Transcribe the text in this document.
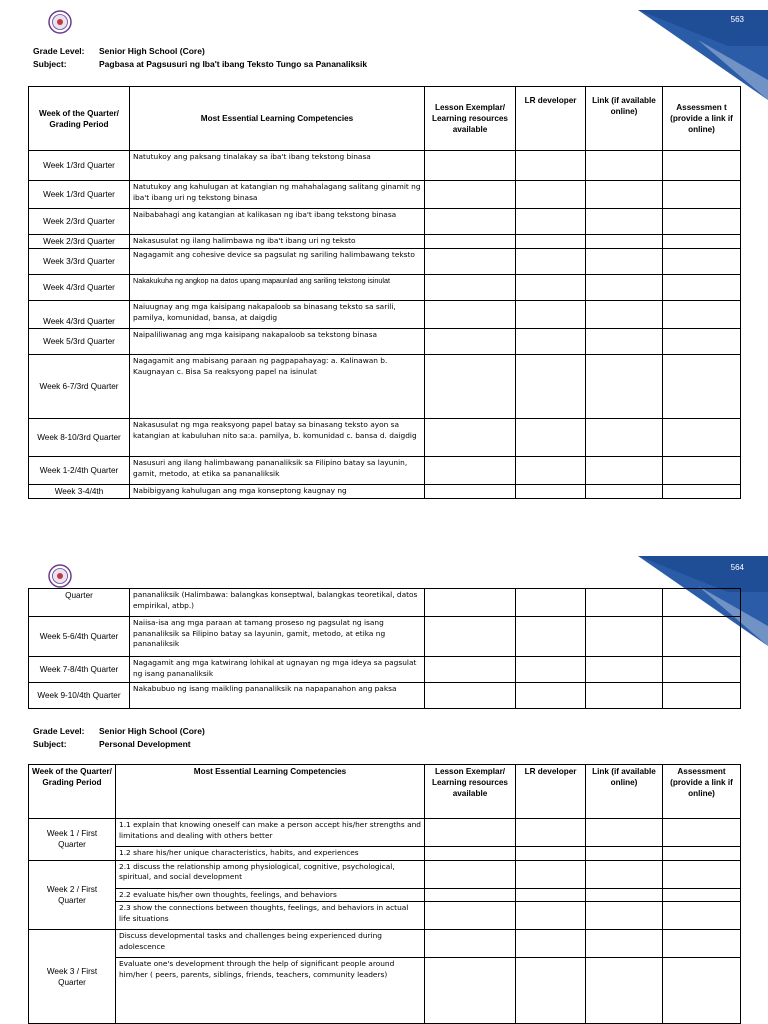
563
Grade Level: Senior High School (Core)
Subject:	Pagbasa at Pagsusuri ng Iba't ibang Teksto Tungo sa Pananaliksik
Week of the Quarter/ Grading Period	Most Essential Learning Competencies	Lesson Exemplar/ Learning resources available	LR developer	Link (if available online)	Assessmen t (provide a link if online)
Week 1/3rd Quarter	Natutukoy ang paksang tinalakay sa iba't ibang tekstong binasa				
Week 1/3rd Quarter	Natutukoy ang kahulugan at katangian ng mahahalagang salitang ginamit ng iba't ibang uri ng tekstong binasa				
Week 2/3rd Quarter	Naibabahagi ang katangian at kalikasan ng iba't ibang tekstong binasa				
Week 2/3rd Quarter	Nakasusulat ng ilang halimbawa ng iba't ibang uri ng teksto				
Week 3/3rd Quarter	Nagagamit ang cohesive device sa pagsulat ng sariling halimbawang teksto				
Week 4/3rd Quarter	Nakakukuha ng angkop na datos upang mapaunlad ang sariling tekstong isinulat				
Week 4/3rd Quarter	Naiuugnay ang mga kaisipang nakapaloob sa binasang teksto sa sarili, pamilya, komunidad, bansa, at daigdig				
Week 5/3rd Quarter	Naipaliliwanag ang mga kaisipang nakapaloob sa tekstong binasa				
Week 6-7/3rd Quarter	Nagagamit ang mabisang paraan ng pagpapahayag: a. Kalinawan b. Kaugnayan c. Bisa Sa reaksyong papel na isinulat				
Week 8-10/3rd Quarter	Nakasusulat ng mga reaksyong papel batay sa binasang teksto ayon sa katangian at kabuluhan nito sa:a. pamilya, b. komunidad c. bansa d. daigdig				
Week 1-2/4th Quarter	Nasusuri ang ilang halimbawang pananaliksik sa Filipino batay sa layunin, gamit, metodo, at etika sa pananaliksik				
Week 3-4/4th	Nabibigyang kahulugan ang mga konseptong kaugnay ng				
564
Quarter	pananaliksik (Halimbawa: balangkas konseptwal, balangkas teoretikal, datos empirikal, atbp.)				
Week 5-6/4th Quarter	Naiisa-isa ang mga paraan at tamang proseso ng pagsulat ng isang pananaliksik sa Filipino batay sa layunin, gamit, metodo, at etika ng pananaliksik				
Week 7-8/4th Quarter	Nagagamit ang mga katwirang lohikal at ugnayan ng mga ideya sa pagsulat ng isang pananaliksik				
Week 9-10/4th Quarter	Nakabubuo ng isang maikling pananaliksik na napapanahon ang paksa				
Grade Level: Senior High School (Core)
Subject:	Personal Development
Week of the Quarter/ Grading Period	Most Essential Learning Competencies	Lesson Exemplar/ Learning resources available	LR developer	Link (if available online)	Assessment (provide a link if online)
Week 1 / First Quarter	1.1 explain that knowing oneself can make a person accept his/her strengths and limitations and dealing with others better				
	1.2 share his/her unique characteristics, habits, and experiences				
Week 2 / First Quarter	2.1 discuss the relationship among physiological, cognitive, psychological, spiritual, and social development				
	2.2 evaluate his/her own thoughts, feelings, and behaviors				
	2.3 show the connections between thoughts, feelings, and behaviors in actual life situations				
Week 3 / First Quarter	Discuss developmental tasks and challenges being experienced during adolescence				
	Evaluate one's development through the help of significant people around him/her ( peers, parents, siblings, friends, teachers, community leaders)				
